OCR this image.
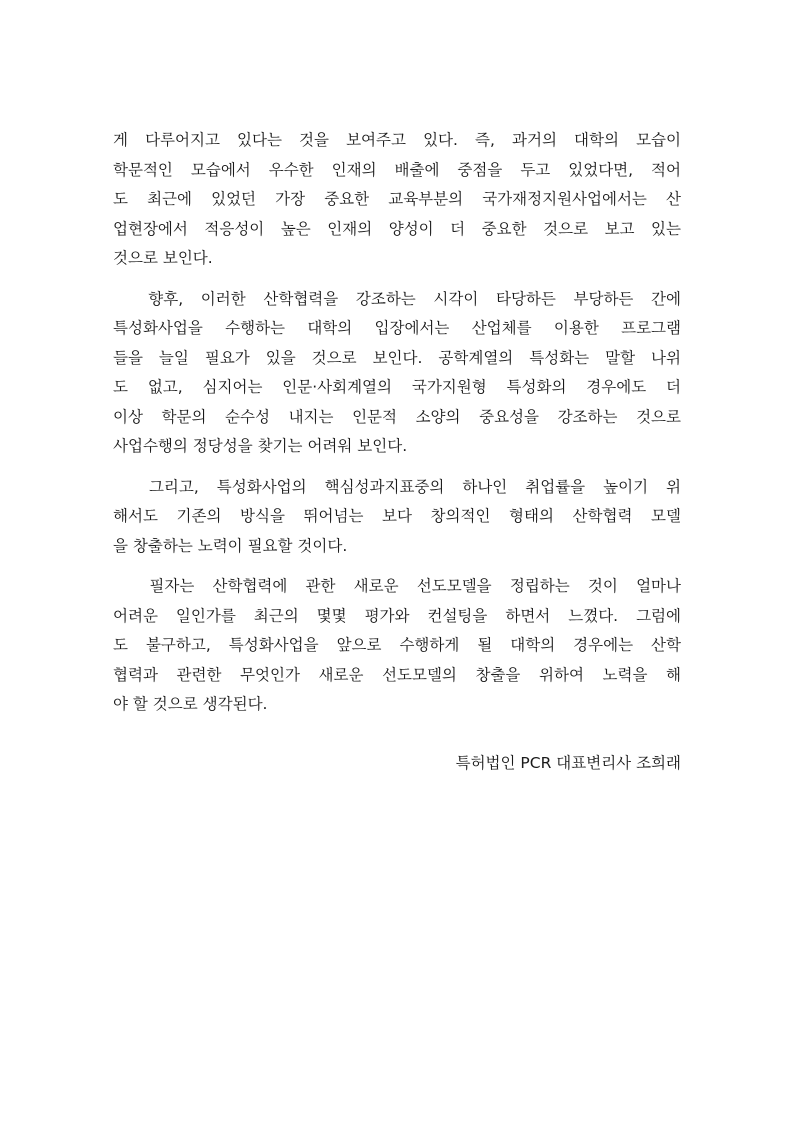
게 다루어지고 있다는 것을 보여주고 있다. 즉, 과거의 대학의 모습이
학문적인 모습에서 우수한 인재의 배출에 중점을 두고 있었다면, 적어
도 최근에 있었던 가장 중요한 교육부분의 국가재정지원사업에서는 산
업현장에서 적응성이 높은 인재의 양성이 더 중요한 것으로 보고 있는
것으로 보인다.

향후, 이러한 산학협력을 강조하는 시각이 타당하든 부당하든 간에
특성화사업을 수행하는 대학의 입장에서는 산업체를 이용한 프로그램
들을 늘일 필요가 있을 것으로 보인다. 공학계열의 특성화는 말할 나위
도 없고, 심지어는 인문·사회계열의 국가지원형 특성화의 경우에도 더
이상 학문의 순수성 내지는 인문적 소양의 중요성을 강조하는 것으로
사업수행의 정당성을 찾기는 어려워 보인다.

그리고, 특성화사업의 핵심성과지표중의 하나인 취업률을 높이기 위
해서도 기존의 방식을 뛰어넘는 보다 창의적인 형태의 산학협력 모델
을 창출하는 노력이 필요할 것이다.

필자는 산학협력에 관한 새로운 선도모델을 정립하는 것이 얼마나
어려운 일인가를 최근의 몇몇 평가와 컨설팅을 하면서 느꼈다. 그럼에
도 불구하고, 특성화사업을 앞으로 수행하게 될 대학의 경우에는 산학
협력과 관련한 무엇인가 새로운 선도모델의 창출을 위하여 노력을 해
야 할 것으로 생각된다.

특허법인 PCR 대표변리사 조희래
